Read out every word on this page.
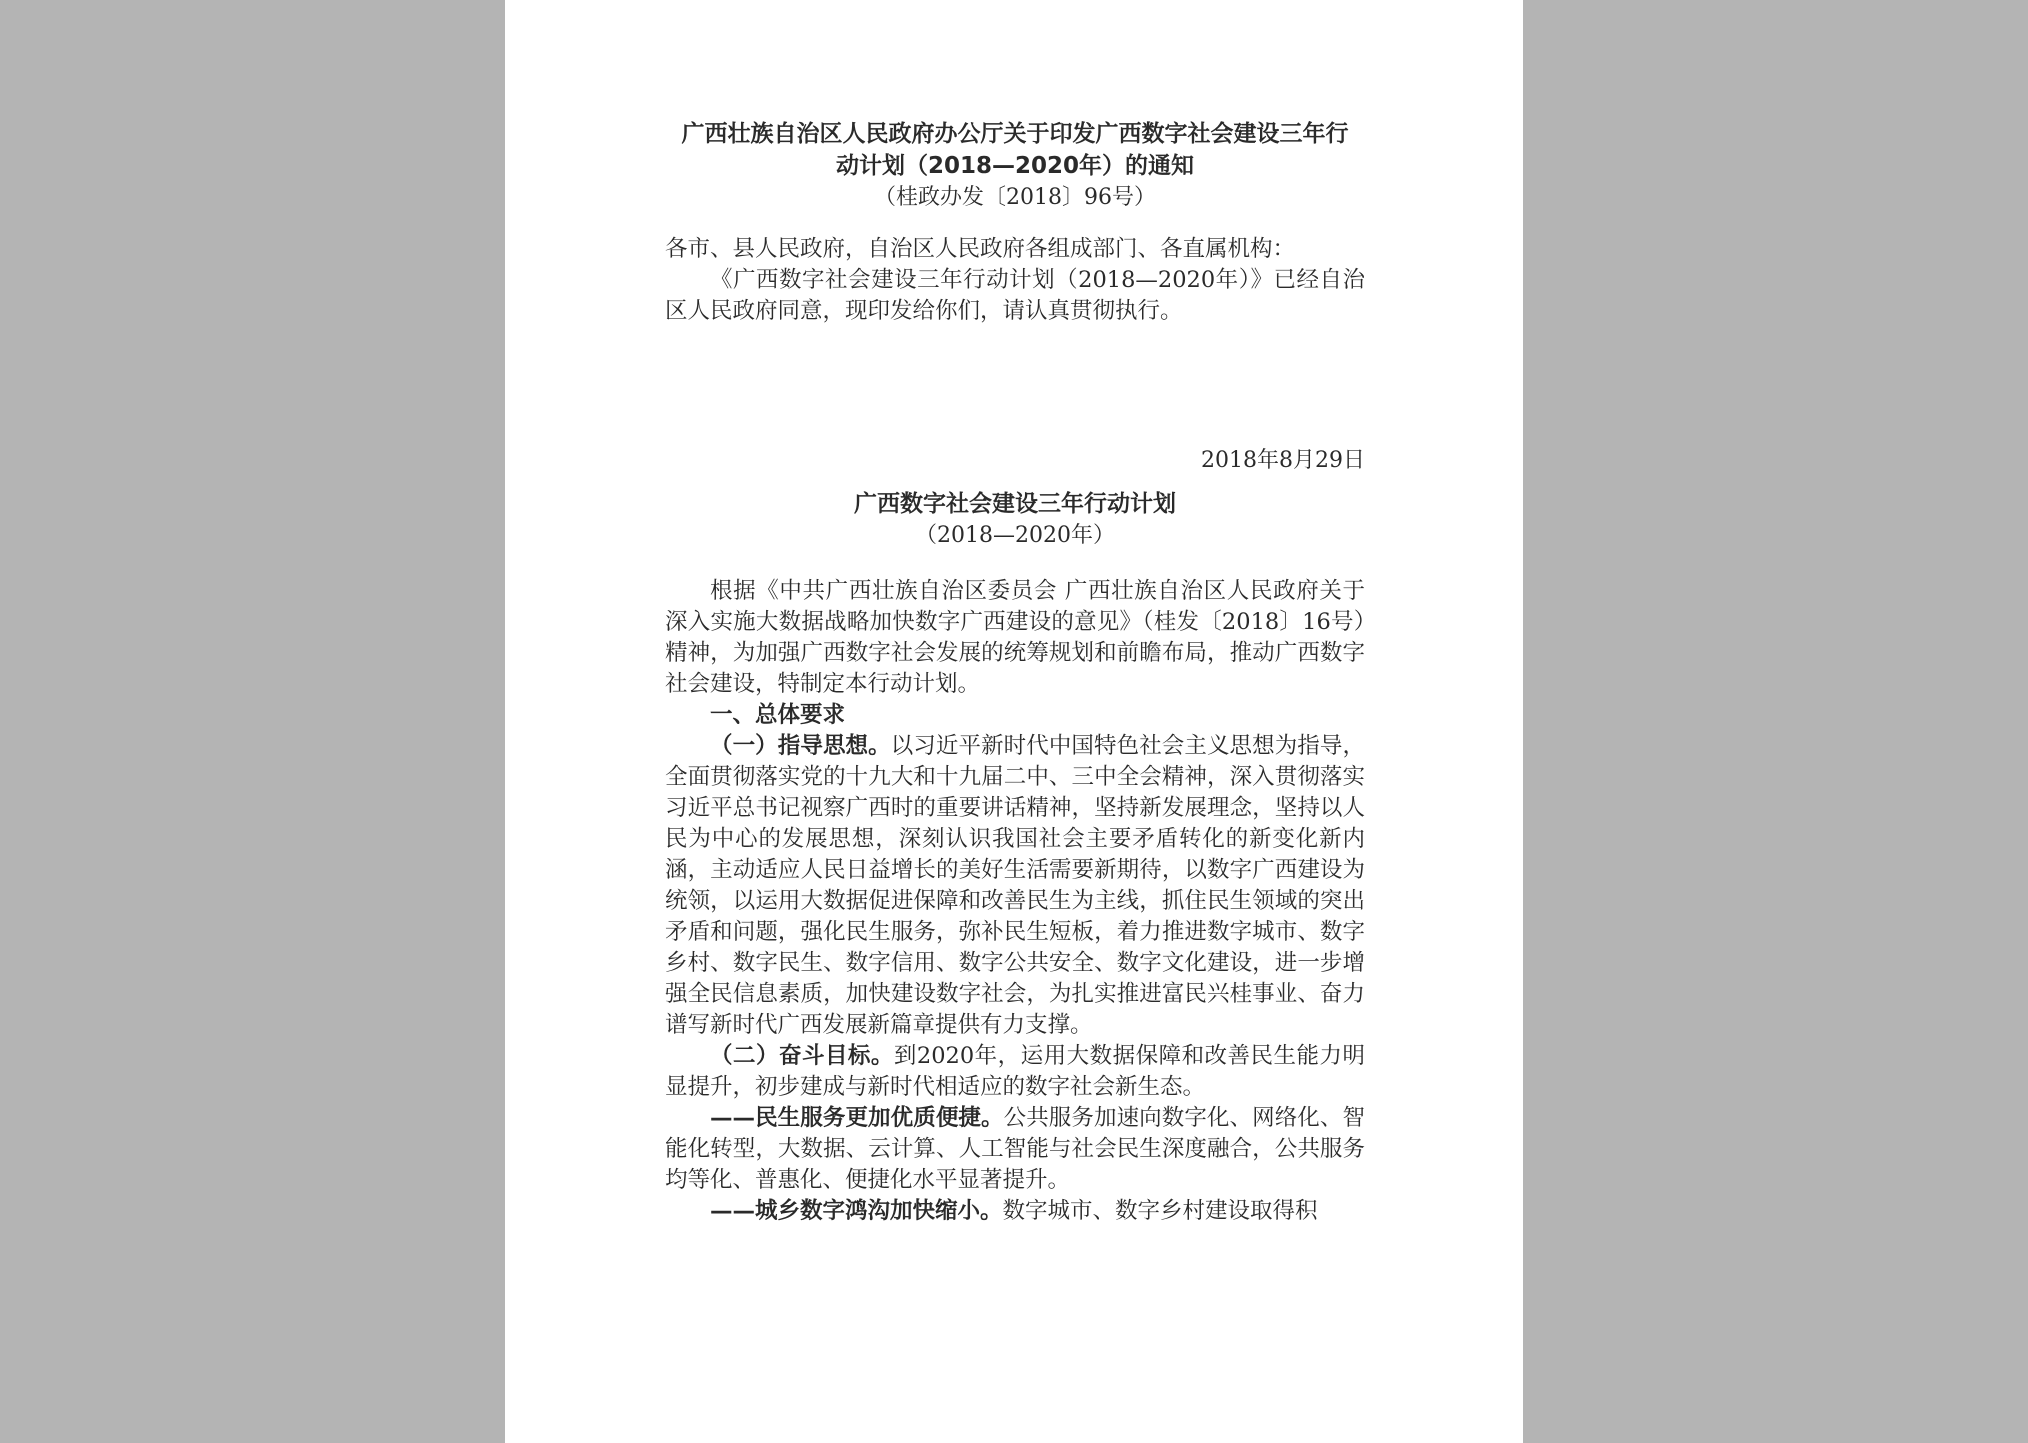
广西壮族自治区人民政府办公厅关于印发广西数字社会建设三年行

动计划（2018—2020年）的通知

（桂政办发〔2018〕96号）

各市、县人民政府，自治区人民政府各组成部门、各直属机构：

《广西数字社会建设三年行动计划（2018—2020年）》已经自治区人民政府同意，现印发给你们，请认真贯彻执行。

2018年8月29日

广西数字社会建设三年行动计划

（2018—2020年）

根据《中共广西壮族自治区委员会 广西壮族自治区人民政府关于深入实施大数据战略加快数字广西建设的意见》（桂发〔2018〕16号）精神，为加强广西数字社会发展的统筹规划和前瞻布局，推动广西数字社会建设，特制定本行动计划。

一、总体要求

（一）指导思想。以习近平新时代中国特色社会主义思想为指导，全面贯彻落实党的十九大和十九届二中、三中全会精神，深入贯彻落实习近平总书记视察广西时的重要讲话精神，坚持新发展理念，坚持以人民为中心的发展思想，深刻认识我国社会主要矛盾转化的新变化新内涵，主动适应人民日益增长的美好生活需要新期待，以数字广西建设为统领，以运用大数据促进保障和改善民生为主线，抓住民生领域的突出矛盾和问题，强化民生服务，弥补民生短板，着力推进数字城市、数字乡村、数字民生、数字信用、数字公共安全、数字文化建设，进一步增强全民信息素质，加快建设数字社会，为扎实推进富民兴桂事业、奋力谱写新时代广西发展新篇章提供有力支撑。

（二）奋斗目标。到2020年，运用大数据保障和改善民生能力明显提升，初步建成与新时代相适应的数字社会新生态。

——民生服务更加优质便捷。公共服务加速向数字化、网络化、智能化转型，大数据、云计算、人工智能与社会民生深度融合，公共服务均等化、普惠化、便捷化水平显著提升。

——城乡数字鸿沟加快缩小。数字城市、数字乡村建设取得积
